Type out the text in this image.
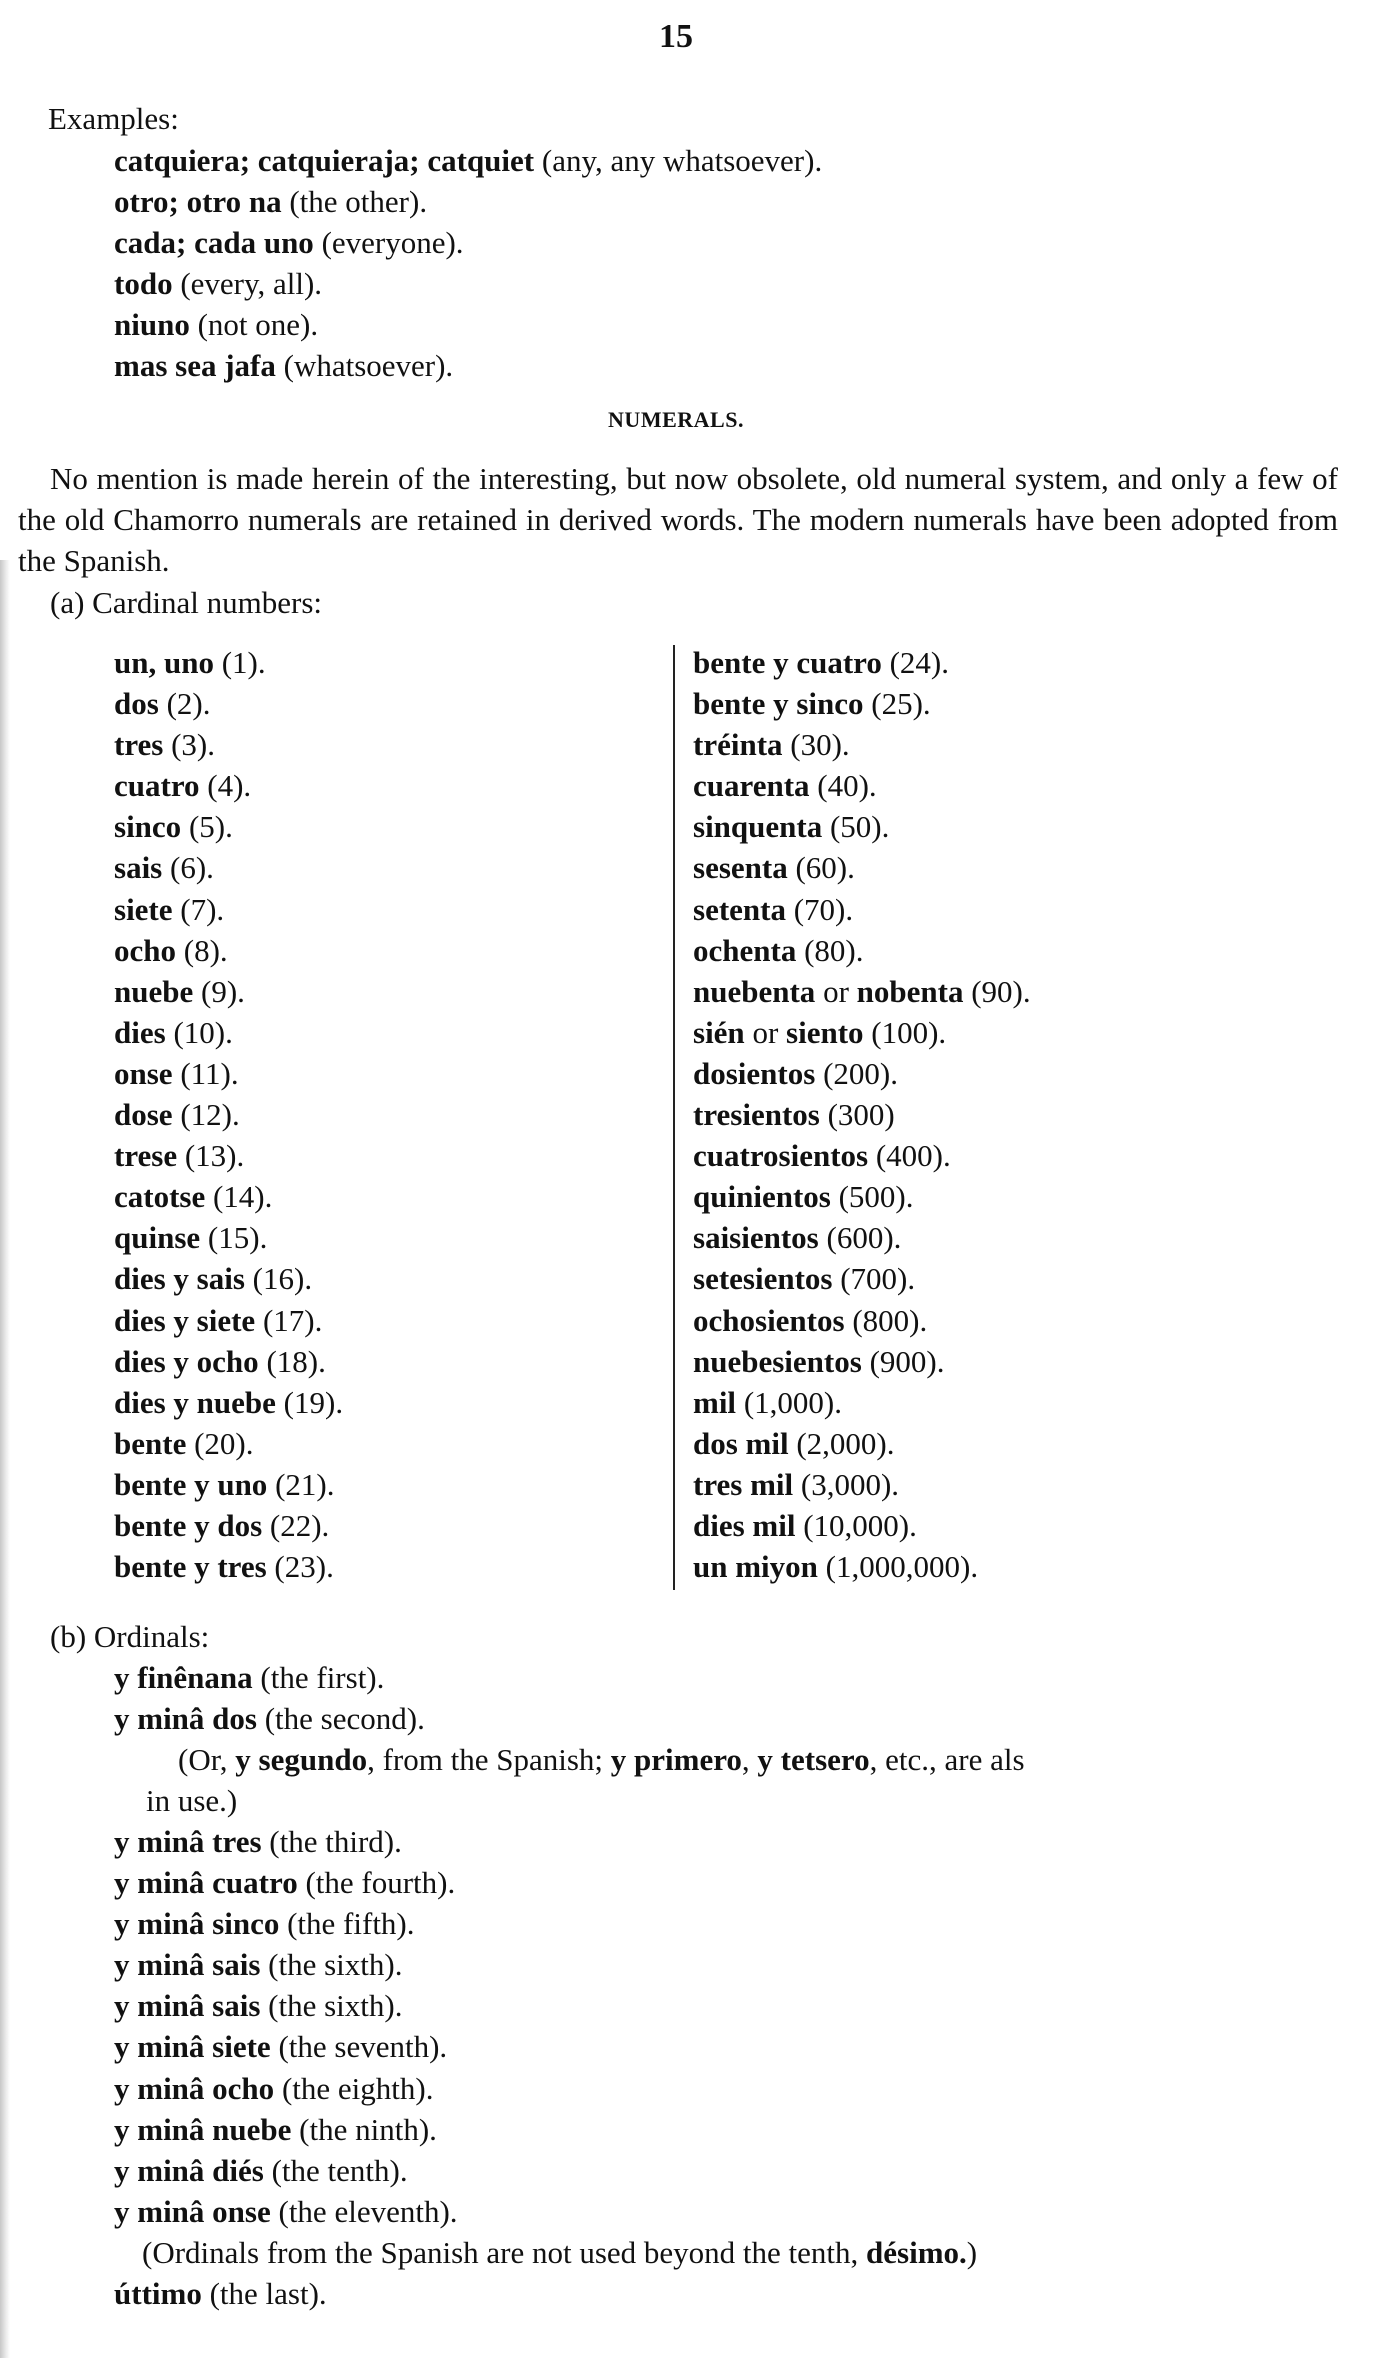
15
Examples:
catquiera; catquieraja; catquiet (any, any whatsoever).
otro; otro na (the other).
cada; cada uno (everyone).
todo (every, all).
niuno (not one).
mas sea jafa (whatsoever).
NUMERALS.
No mention is made herein of the interesting, but now obsolete, old numeral system, and only a few of the old Chamorro numerals are retained in derived words. The modern numerals have been adopted from the Spanish.
(a) Cardinal numbers:
un, uno (1).
dos (2).
tres (3).
cuatro (4).
sinco (5).
sais (6).
siete (7).
ocho (8).
nuebe (9).
dies (10).
onse (11).
dose (12).
trese (13).
catotse (14).
quinse (15).
dies y sais (16).
dies y siete (17).
dies y ocho (18).
dies y nuebe (19).
bente (20).
bente y uno (21).
bente y dos (22).
bente y tres (23).
bente y cuatro (24).
bente y sinco (25).
tréinta (30).
cuarenta (40).
sinquenta (50).
sesenta (60).
setenta (70).
ochenta (80).
nuebenta or nobenta (90).
sién or siento (100).
dosientos (200).
tresientos (300)
cuatrosientos (400).
quinientos (500).
saisientos (600).
setesientos (700).
ochosientos (800).
nuebesientos (900).
mil (1,000).
dos mil (2,000).
tres mil (3,000).
dies mil (10,000).
un miyon (1,000,000).
(b) Ordinals:
y finênana (the first).
y minâ dos (the second).
(Or, y segundo, from the Spanish; y primero, y tetsero, etc., are als
in use.)
y minâ tres (the third).
y minâ cuatro (the fourth).
y minâ sinco (the fifth).
y minâ sais (the sixth).
y minâ sais (the sixth).
y minâ siete (the seventh).
y minâ ocho (the eighth).
y minâ nuebe (the ninth).
y minâ diés (the tenth).
y minâ onse (the eleventh).
(Ordinals from the Spanish are not used beyond the tenth, désimo.)
úttimo (the last).
